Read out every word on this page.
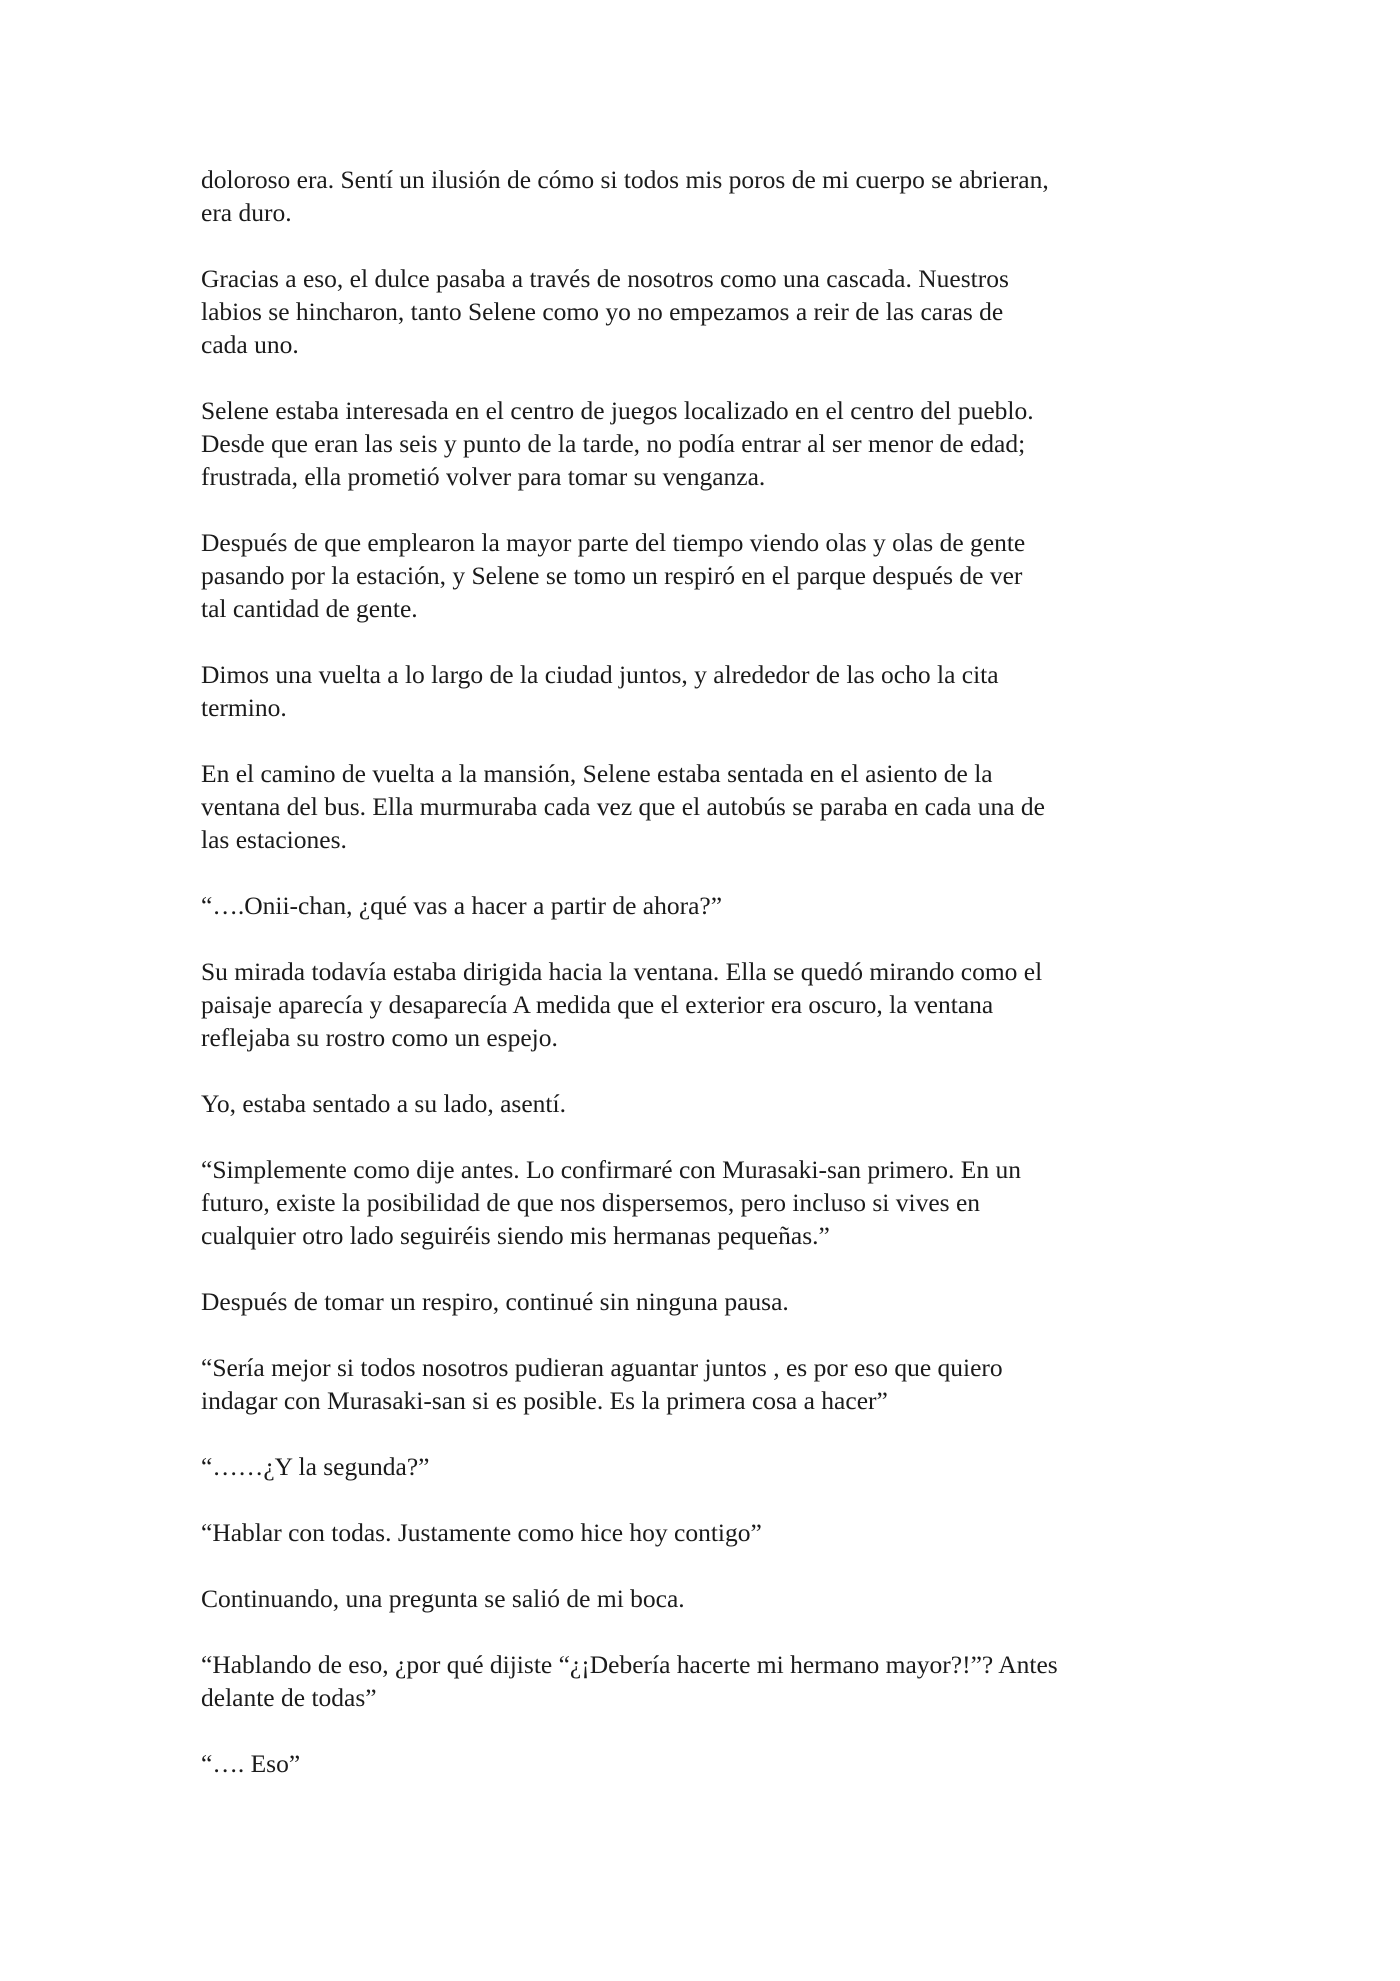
doloroso era. Sentí un ilusión de cómo si todos mis poros de mi cuerpo se abrieran,
era duro.

Gracias a eso, el dulce pasaba a través de nosotros como una cascada. Nuestros
labios se hincharon, tanto Selene como yo no empezamos a reir de las caras de
cada uno.

Selene estaba interesada en el centro de juegos localizado en el centro del pueblo.
Desde que eran las seis y punto de la tarde, no podía entrar al ser menor de edad;
frustrada, ella prometió volver para tomar su venganza.

Después de que emplearon la mayor parte del tiempo viendo olas y olas de gente
pasando por la estación, y Selene se tomo un respiró en el parque después de ver
tal cantidad de gente.

Dimos una vuelta a lo largo de la ciudad juntos, y alrededor de las ocho la cita
termino.

En el camino de vuelta a la mansión, Selene estaba sentada en el asiento de la
ventana del bus. Ella murmuraba cada vez que el autobús se paraba en cada una de
las estaciones.

“….Onii-chan, ¿qué vas a hacer a partir de ahora?”

Su mirada todavía estaba dirigida hacia la ventana. Ella se quedó mirando como el
paisaje aparecía y desaparecía A medida que el exterior era oscuro, la ventana
reflejaba su rostro como un espejo.

Yo, estaba sentado a su lado, asentí.

“Simplemente como dije antes. Lo confirmaré con Murasaki-san primero. En un
futuro, existe la posibilidad de que nos dispersemos, pero incluso si vives en
cualquier otro lado seguiréis siendo mis hermanas pequeñas.”

Después de tomar un respiro, continué sin ninguna pausa.

“Sería mejor si todos nosotros pudieran aguantar juntos , es por eso que quiero
indagar con Murasaki-san si es posible. Es la primera cosa a hacer”

“……¿Y la segunda?”

“Hablar con todas. Justamente como hice hoy contigo”

Continuando, una pregunta se salió de mi boca.

“Hablando de eso, ¿por qué dijiste “¿¡Debería hacerte mi hermano mayor?!”? Antes
delante de todas”

“…. Eso”
